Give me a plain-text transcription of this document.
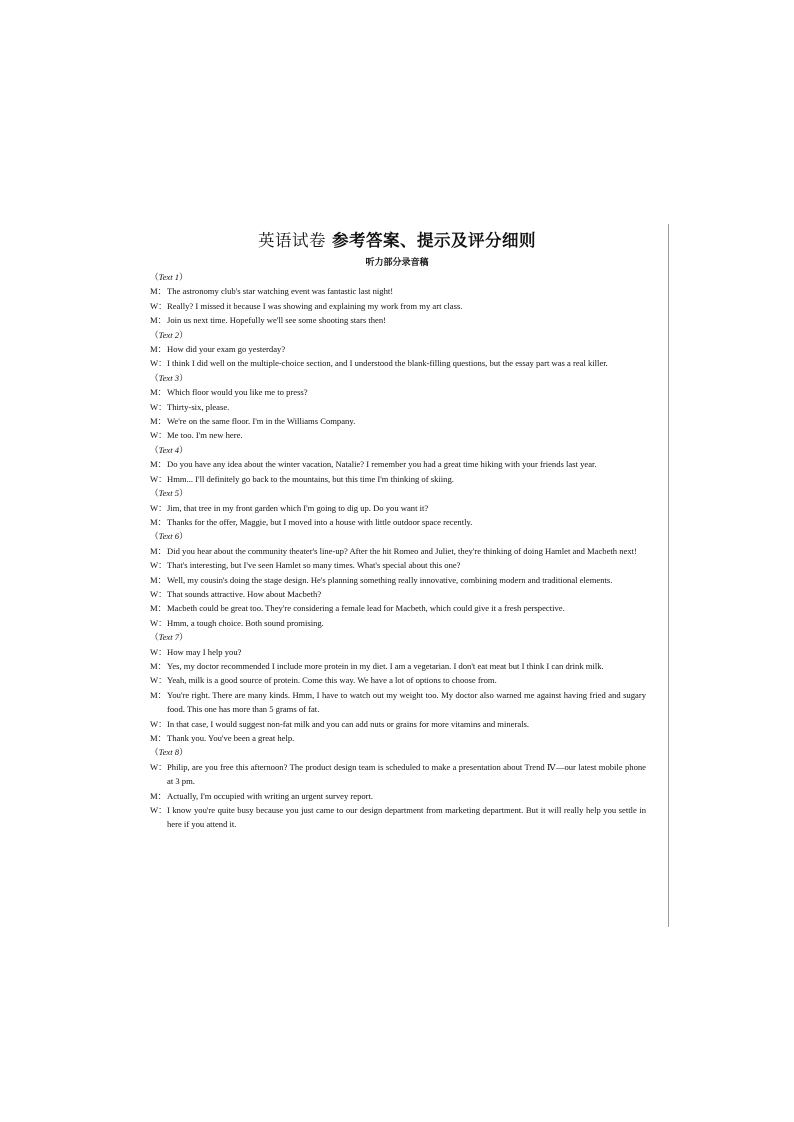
英语试卷 参考答案、提示及评分细则
听力部分录音稿
（Text 1）
M： The astronomy club's star watching event was fantastic last night!
W： Really? I missed it because I was showing and explaining my work from my art class.
M： Join us next time. Hopefully we'll see some shooting stars then!
（Text 2）
M： How did your exam go yesterday?
W： I think I did well on the multiple-choice section, and I understood the blank-filling questions, but the essay part was a real killer.
（Text 3）
M： Which floor would you like me to press?
W： Thirty-six, please.
M： We're on the same floor. I'm in the Williams Company.
W： Me too. I'm new here.
（Text 4）
M： Do you have any idea about the winter vacation, Natalie? I remember you had a great time hiking with your friends last year.
W： Hmm... I'll definitely go back to the mountains, but this time I'm thinking of skiing.
（Text 5）
W： Jim, that tree in my front garden which I'm going to dig up. Do you want it?
M： Thanks for the offer, Maggie, but I moved into a house with little outdoor space recently.
（Text 6）
M： Did you hear about the community theater's line-up? After the hit Romeo and Juliet, they're thinking of doing Hamlet and Macbeth next!
W： That's interesting, but I've seen Hamlet so many times. What's special about this one?
M： Well, my cousin's doing the stage design. He's planning something really innovative, combining modern and traditional elements.
W： That sounds attractive. How about Macbeth?
M： Macbeth could be great too. They're considering a female lead for Macbeth, which could give it a fresh perspective.
W： Hmm, a tough choice. Both sound promising.
（Text 7）
W： How may I help you?
M： Yes, my doctor recommended I include more protein in my diet. I am a vegetarian. I don't eat meat but I think I can drink milk.
W： Yeah, milk is a good source of protein. Come this way. We have a lot of options to choose from.
M： You're right. There are many kinds. Hmm, I have to watch out my weight too. My doctor also warned me against having fried and sugary food. This one has more than 5 grams of fat.
W： In that case, I would suggest non-fat milk and you can add nuts or grains for more vitamins and minerals.
M： Thank you. You've been a great help.
（Text 8）
W： Philip, are you free this afternoon? The product design team is scheduled to make a presentation about Trend Ⅳ—our latest mobile phone at 3 pm.
M： Actually, I'm occupied with writing an urgent survey report.
W： I know you're quite busy because you just came to our design department from marketing department. But it will really help you settle in here if you attend it.
